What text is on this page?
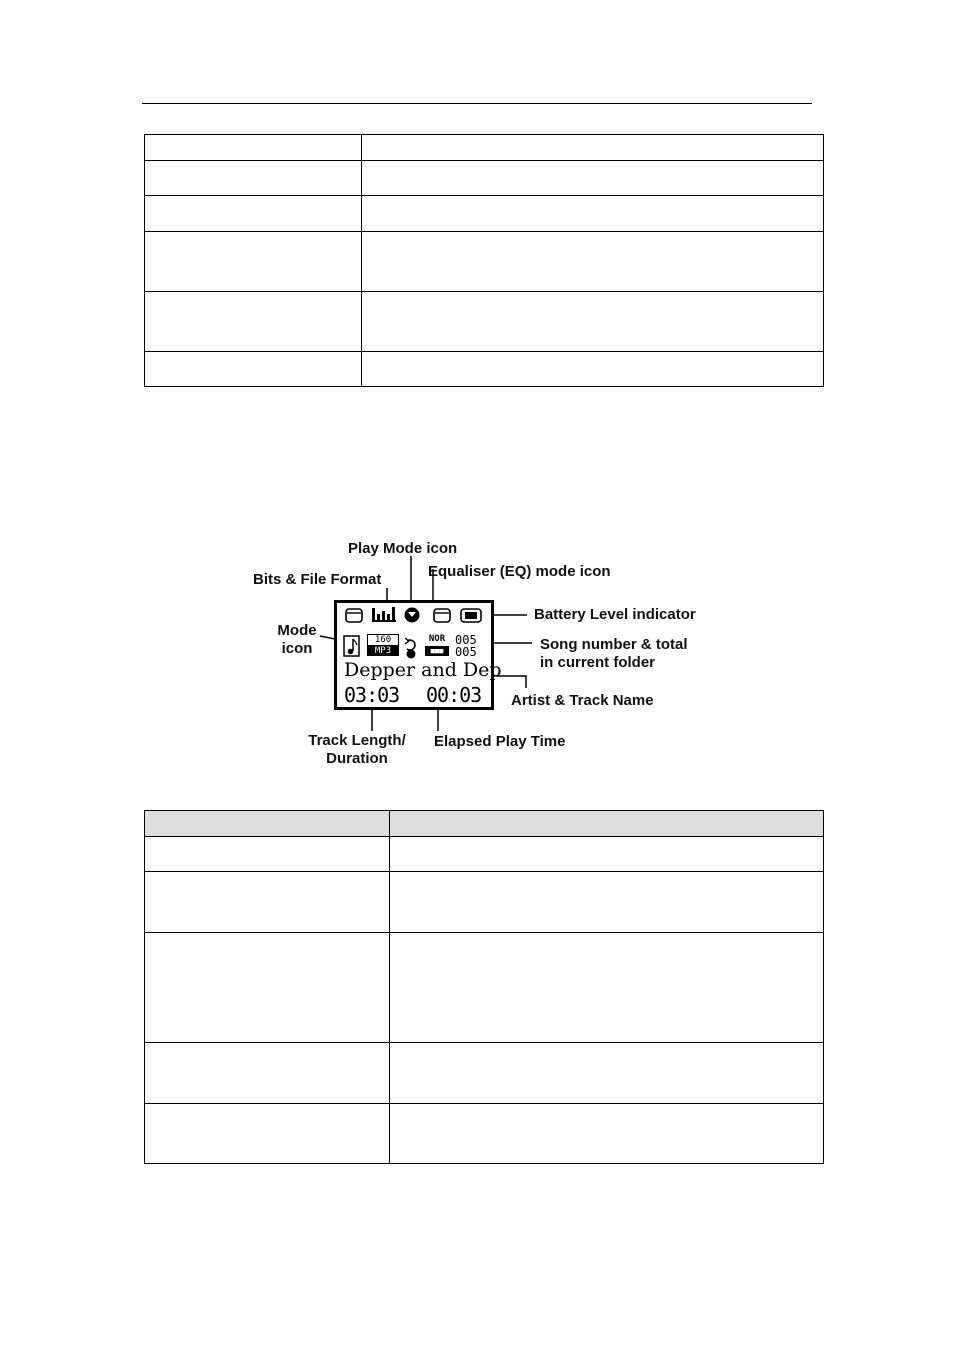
Play Mode icon
Bits & File Format	Equaliser (EQ) mode icon
Mode
icon
Battery Level indicator
Song number & total
in current folder
Artist & Track Name
Track Length/
Duration
Elapsed Play Time
160
MP3
NOR
■■■
005
005
Depper and Dep
03:03 00:03
